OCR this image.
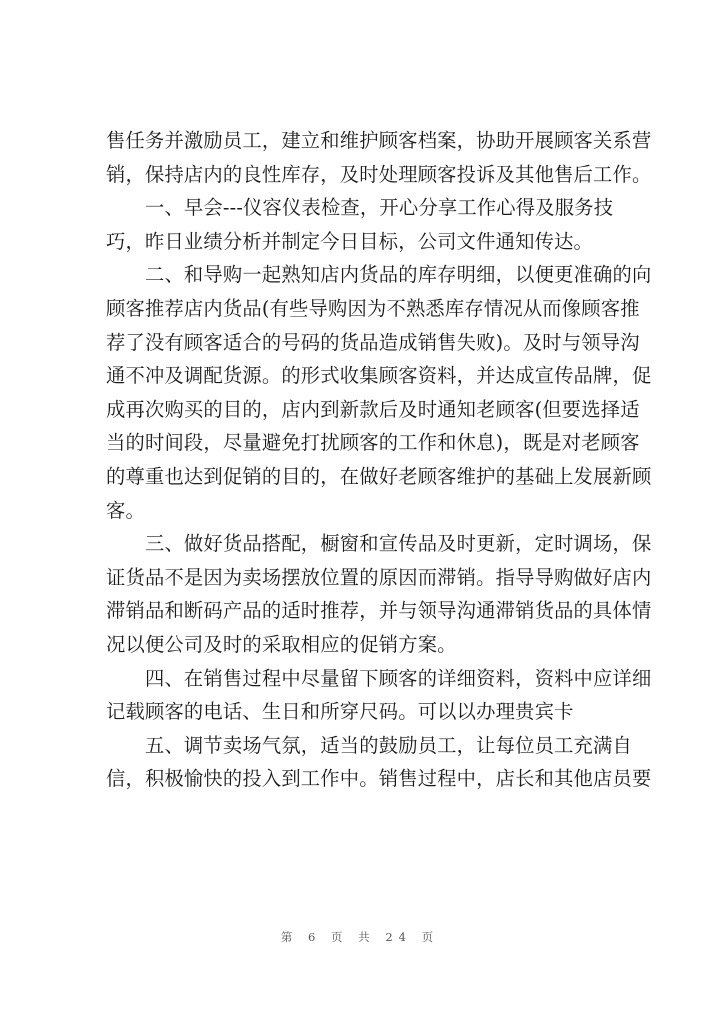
售任务并激励员工，建立和维护顾客档案，协助开展顾客关系营
销，保持店内的良性库存，及时处理顾客投诉及其他售后工作。
　　一、早会---仪容仪表检查，开心分享工作心得及服务技
巧，昨日业绩分析并制定今日目标，公司文件通知传达。
　　二、和导购一起熟知店内货品的库存明细，以便更准确的向
顾客推荐店内货品(有些导购因为不熟悉库存情况从而像顾客推
荐了没有顾客适合的号码的货品造成销售失败)。及时与领导沟
通不冲及调配货源。的形式收集顾客资料，并达成宣传品牌，促
成再次购买的目的，店内到新款后及时通知老顾客(但要选择适
当的时间段，尽量避免打扰顾客的工作和休息)，既是对老顾客
的尊重也达到促销的目的，在做好老顾客维护的基础上发展新顾
客。
　　三、做好货品搭配，橱窗和宣传品及时更新，定时调场，保
证货品不是因为卖场摆放位置的原因而滞销。指导导购做好店内
滞销品和断码产品的适时推荐，并与领导沟通滞销货品的具体情
况以便公司及时的采取相应的促销方案。
　　四、在销售过程中尽量留下顾客的详细资料，资料中应详细
记载顾客的电话、生日和所穿尺码。可以以办理贵宾卡
　　五、调节卖场气氛，适当的鼓励员工，让每位员工充满自
信，积极愉快的投入到工作中。销售过程中，店长和其他店员要
第 6 页 共 24 页
